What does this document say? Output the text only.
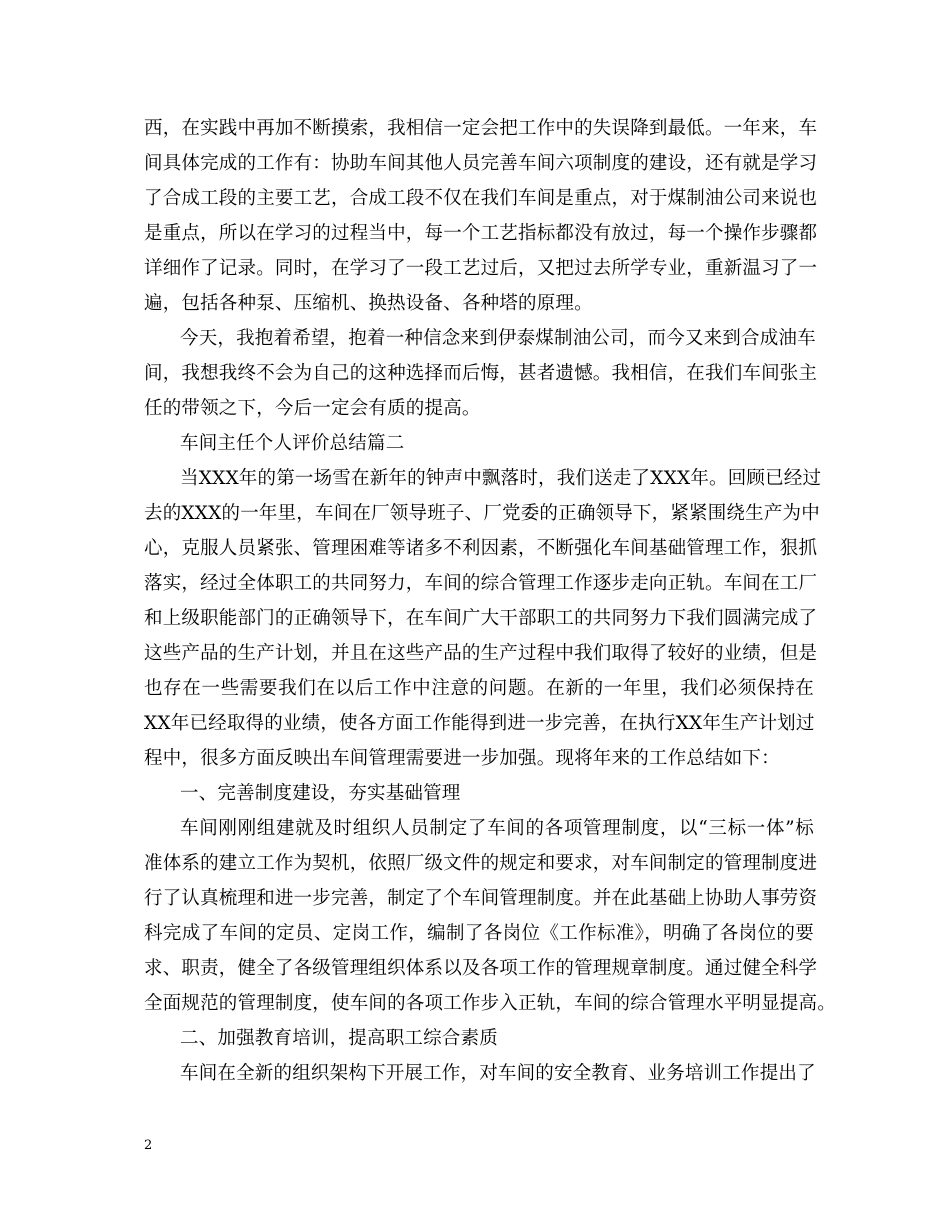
西，在实践中再加不断摸索，我相信一定会把工作中的失误降到最低。一年来，车
间具体完成的工作有：协助车间其他人员完善车间六项制度的建设，还有就是学习
了合成工段的主要工艺，合成工段不仅在我们车间是重点，对于煤制油公司来说也
是重点，所以在学习的过程当中，每一个工艺指标都没有放过，每一个操作步骤都
详细作了记录。同时，在学习了一段工艺过后，又把过去所学专业，重新温习了一
遍，包括各种泵、压缩机、换热设备、各种塔的原理。
今天，我抱着希望，抱着一种信念来到伊泰煤制油公司，而今又来到合成油车
间，我想我终不会为自己的这种选择而后悔，甚者遗憾。我相信，在我们车间张主
任的带领之下，今后一定会有质的提高。
车间主任个人评价总结篇二
当XXX年的第一场雪在新年的钟声中飘落时，我们送走了XXX年。回顾已经过
去的XXX的一年里，车间在厂领导班子、厂党委的正确领导下，紧紧围绕生产为中
心，克服人员紧张、管理困难等诸多不利因素，不断强化车间基础管理工作，狠抓
落实，经过全体职工的共同努力，车间的综合管理工作逐步走向正轨。车间在工厂
和上级职能部门的正确领导下，在车间广大干部职工的共同努力下我们圆满完成了
这些产品的生产计划，并且在这些产品的生产过程中我们取得了较好的业绩，但是
也存在一些需要我们在以后工作中注意的问题。在新的一年里，我们必须保持在
XX年已经取得的业绩，使各方面工作能得到进一步完善，在执行XX年生产计划过
程中，很多方面反映出车间管理需要进一步加强。现将年来的工作总结如下：
一、完善制度建设，夯实基础管理
车间刚刚组建就及时组织人员制定了车间的各项管理制度，以“三标一体”标
准体系的建立工作为契机，依照厂级文件的规定和要求，对车间制定的管理制度进
行了认真梳理和进一步完善，制定了个车间管理制度。并在此基础上协助人事劳资
科完成了车间的定员、定岗工作，编制了各岗位《工作标准》，明确了各岗位的要
求、职责，健全了各级管理组织体系以及各项工作的管理规章制度。通过健全科学
全面规范的管理制度，使车间的各项工作步入正轨，车间的综合管理水平明显提高。
二、加强教育培训，提高职工综合素质
车间在全新的组织架构下开展工作，对车间的安全教育、业务培训工作提出了
2
